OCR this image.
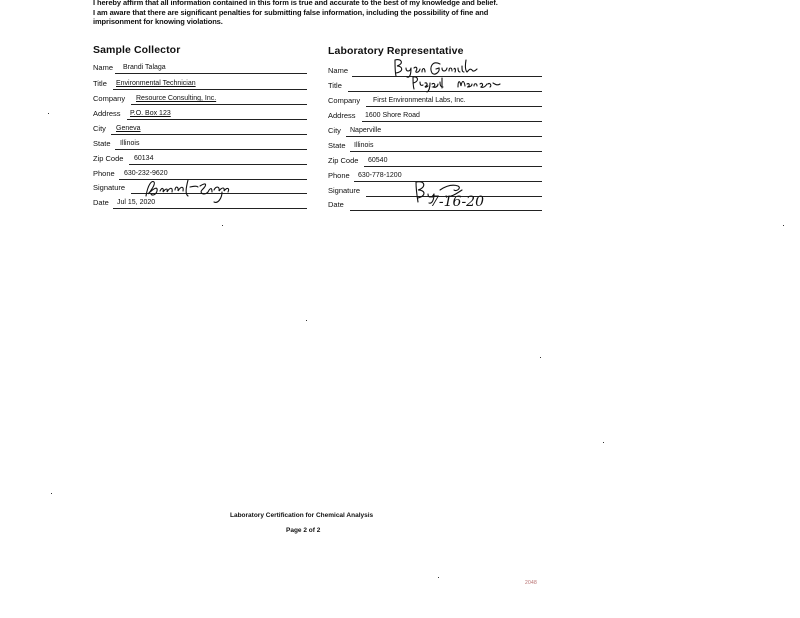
I hereby affirm that all information contained in this form is true and accurate to the best of my knowledge and belief.
I am aware that there are significant penalties for submitting false information, including the possibility of fine and
imprisonment for knowing violations.
Sample Collector
Name Brandi Talaga
Title Environmental Technician
Company Resource Consulting, Inc.
Address P.O. Box 123
City Geneva
State Illinois
Zip Code 60134
Phone 630-232-9620
Signature
Date Jul 15, 2020
Laboratory Representative
Name
Title
Company First Environmental Labs, Inc.
Address 1600 Shore Road
City Naperville
State Illinois
Zip Code 60540
Phone 630-778-1200
Signature
Date	7-16-20
Laboratory Certification for Chemical Analysis
Page 2 of 2
2048
